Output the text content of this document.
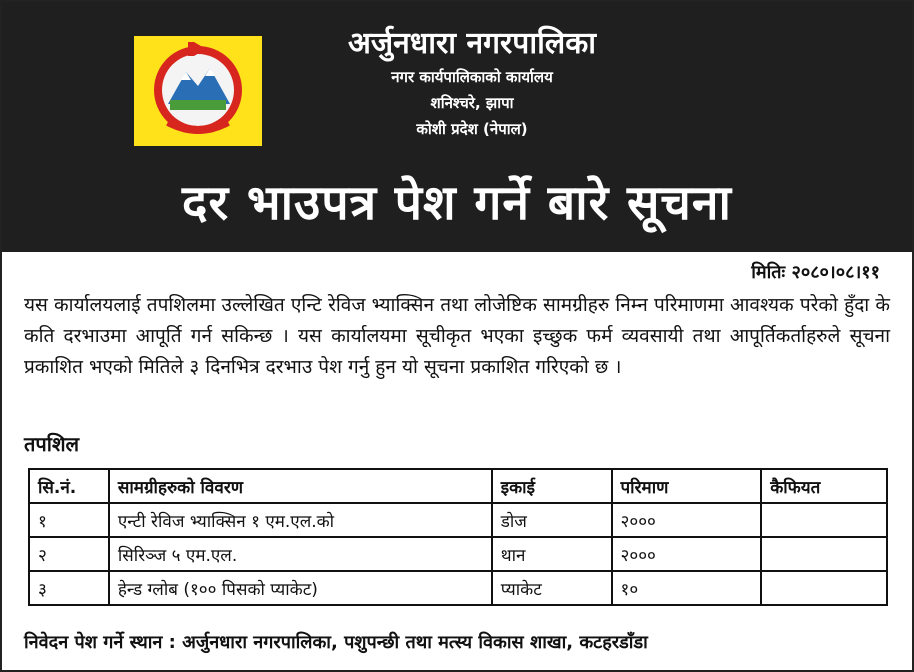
अर्जुनधारा नगरपालिका
नगर कार्यपालिकाको कार्यालय
शनिश्चरे, झापा
कोशी प्रदेश (नेपाल)
दर भाउपत्र पेश गर्ने बारे सूचना
मितिः २०८०।०८।११
यस कार्यालयलाई तपशिलमा उल्लेखित एन्टि रेविज भ्याक्सिन तथा लोजेष्टिक सामग्रीहरु निम्न परिमाणमा आवश्यक परेको हुँदा के कति दरभाउमा आपूर्ति गर्न सकिन्छ । यस कार्यालयमा सूचीकृत भएका इच्छुक फर्म व्यवसायी तथा आपूर्तिकर्ताहरुले सूचना प्रकाशित भएको मितिले ३ दिनभित्र दरभाउ पेश गर्नु हुन यो सूचना प्रकाशित गरिएको छ ।
तपशिल
सि.नं.	सामग्रीहरुको विवरण	इकाई	परिमाण	कैफियत
१	एन्टी रेविज भ्याक्सिन १ एम.एल.को	डोज	२०००	
२	सिरिञ्ज ५ एम.एल.	थान	२०००	
३	हेन्ड ग्लोब (१०० पिसको प्याकेट)	प्याकेट	१०	
निवेदन पेश गर्ने स्थान : अर्जुनधारा नगरपालिका, पशुपन्छी तथा मत्स्य विकास शाखा, कटहरडाँडा
